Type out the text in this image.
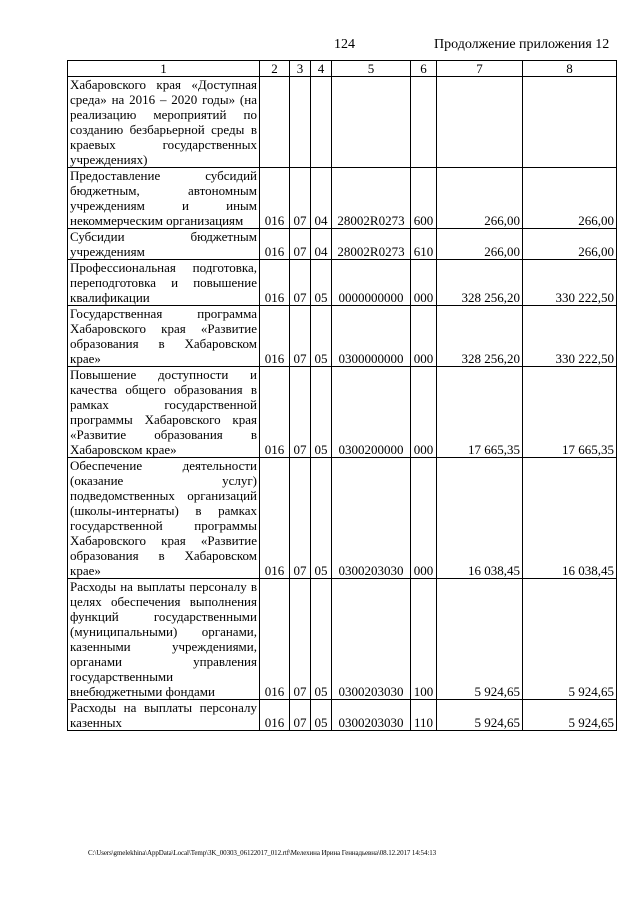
124	Продолжение приложения 12
1	2	3	4	5	6	7	8
Хабаровского края «Доступная среда» на 2016 – 2020 годы» (на реализацию мероприятий по созданию безбарьерной среды в краевых государственных учреждениях)							
Предоставление субсидий бюджетным, автономным учреждениям и иным некоммерческим организациям	016	07	04	28002R0273	600	266,00	266,00
Субсидии бюджетным учреждениям	016	07	04	28002R0273	610	266,00	266,00
Профессиональная подготовка, переподготовка и повышение квалификации	016	07	05	0000000000	000	328 256,20	330 222,50
Государственная программа Хабаровского края «Развитие образования в Хабаровском крае»	016	07	05	0300000000	000	328 256,20	330 222,50
Повышение доступности и качества общего образования в рамках государственной программы Хабаровского края «Развитие образования в Хабаровском крае»	016	07	05	0300200000	000	17 665,35	17 665,35
Обеспечение деятельности (оказание услуг) подведомственных организаций (школы-интернаты) в рамках государственной программы Хабаровского края «Развитие образования в Хабаровском крае»	016	07	05	0300203030	000	16 038,45	16 038,45
Расходы на выплаты персоналу в целях обеспечения выполнения функций государственными (муниципальными) органами, казенными учреждениями, органами управления государственными внебюджетными фондами	016	07	05	0300203030	100	5 924,65	5 924,65
Расходы на выплаты персоналу казенных	016	07	05	0300203030	110	5 924,65	5 924,65
C:\Users\gmelekhina\AppData\Local\Temp\3K_00303_06122017_012.rtf\Мелехина Ирина Геннадьевна\08.12.2017 14:54:13
